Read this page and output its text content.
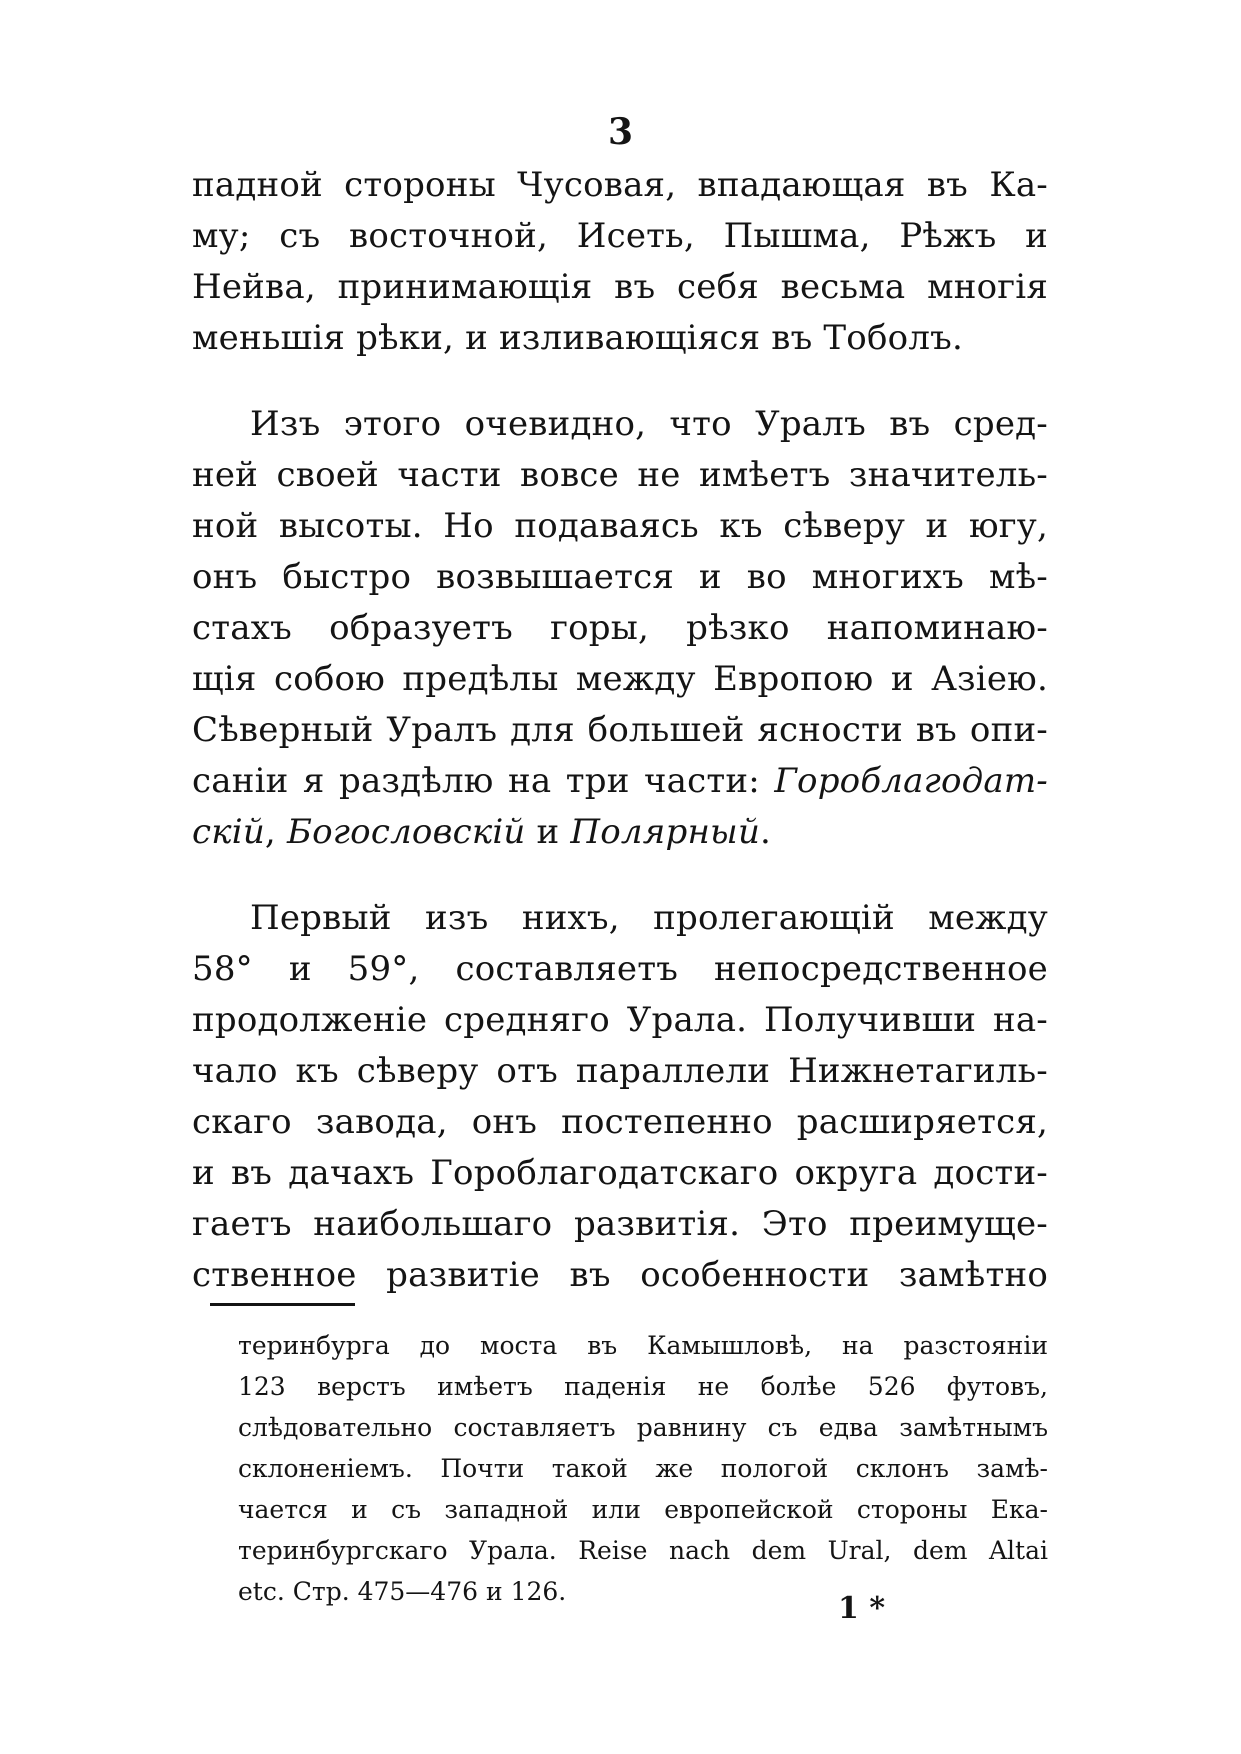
3
падной стороны Чусовая, впадающая въ Ка-
му; съ восточной, Исеть, Пышма, Рѣжъ и
Нейва, принимающія въ себя весьма многія
меньшія рѣки, и изливающіяся въ Тоболъ.
Изъ этого очевидно, что Уралъ въ сред-
ней своей части вовсе не имѣетъ значитель-
ной высоты. Но подаваясь къ сѣверу и югу,
онъ быстро возвышается и во многихъ мѣ-
стахъ образуетъ горы, рѣзко напоминаю-
щія собою предѣлы между Европою и Азіею.
Сѣверный Уралъ для большей ясности въ опи-
саніи я раздѣлю на три части: Гороблагодат-
скій, Богословскій и Полярный.
Первый изъ нихъ, пролегающій между
58° и 59°, составляетъ непосредственное
продолженіе средняго Урала. Получивши на-
чало къ сѣверу отъ параллели Нижнетагиль-
скаго завода, онъ постепенно расширяется,
и въ дачахъ Гороблагодатскаго округа дости-
гаетъ наибольшаго развитія. Это преимуще-
ственное развитіе въ особенности замѣтно
теринбурга до моста въ Камышловѣ, на разстояніи
123 верстъ имѣетъ паденія не болѣе 526 футовъ,
слѣдовательно составляетъ равнину съ едва замѣтнымъ
склоненіемъ. Почти такой же пологой склонъ замѣ-
чается и съ западной или европейской стороны Ека-
теринбургскаго Урала. Reise nach dem Ural, dem Altai
etc. Стр. 475—476 и 126.	1 *
